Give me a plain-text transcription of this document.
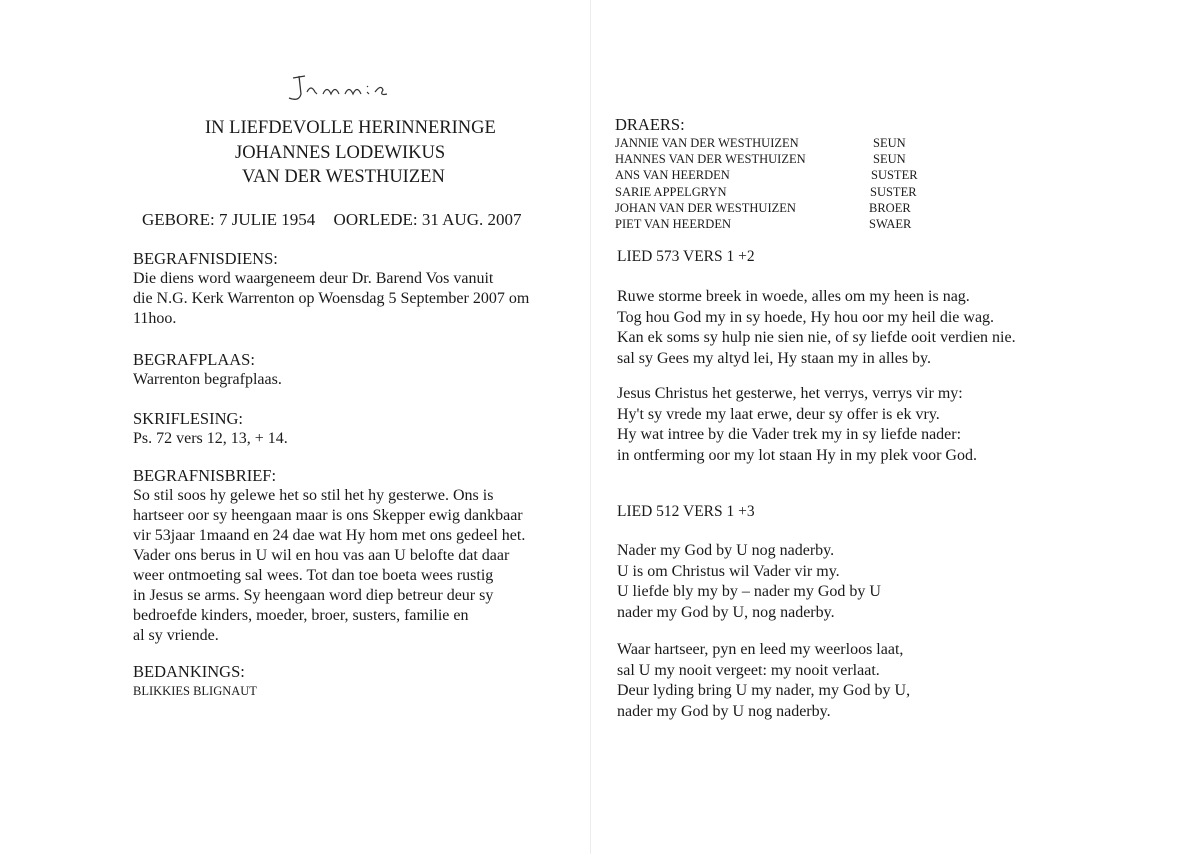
IN LIEFDEVOLLE HERINNERINGE
JOHANNES LODEWIKUS
VAN DER WESTHUIZEN
GEBORE: 7 JULIE 1954 OORLEDE: 31 AUG. 2007
BEGRAFNISDIENS:
Die diens word waargeneem deur Dr. Barend Vos vanuit
die N.G. Kerk Warrenton op Woensdag 5 September 2007 om
11hoo.
BEGRAFPLAAS:
Warrenton begrafplaas.
SKRIFLESING:
Ps. 72 vers 12, 13, + 14.
BEGRAFNISBRIEF:
So stil soos hy gelewe het so stil het hy gesterwe. Ons is
hartseer oor sy heengaan maar is ons Skepper ewig dankbaar
vir 53jaar 1maand en 24 dae wat Hy hom met ons gedeel het.
Vader ons berus in U wil en hou vas aan U belofte dat daar
weer ontmoeting sal wees. Tot dan toe boeta wees rustig
in Jesus se arms. Sy heengaan word diep betreur deur sy
bedroefde kinders, moeder, broer, susters, familie en
al sy vriende.
BEDANKINGS:
BLIKKIES BLIGNAUT
DRAERS:
JANNIE VAN DER WESTHUIZEN	SEUN
HANNES VAN DER WESTHUIZEN	SEUN
ANS VAN HEERDEN	SUSTER
SARIE APPELGRYN	SUSTER
JOHAN VAN DER WESTHUIZEN	BROER
PIET VAN HEERDEN	SWAER
LIED 573 VERS 1 +2
Ruwe storme breek in woede, alles om my heen is nag.
Tog hou God my in sy hoede, Hy hou oor my heil die wag.
Kan ek soms sy hulp nie sien nie, of sy liefde ooit verdien nie.
sal sy Gees my altyd lei, Hy staan my in alles by.
Jesus Christus het gesterwe, het verrys, verrys vir my:
Hy't sy vrede my laat erwe, deur sy offer is ek vry.
Hy wat intree by die Vader trek my in sy liefde nader:
in ontferming oor my lot staan Hy in my plek voor God.
LIED 512 VERS 1 +3
Nader my God by U nog naderby.
U is om Christus wil Vader vir my.
U liefde bly my by – nader my God by U
nader my God by U, nog naderby.
Waar hartseer, pyn en leed my weerloos laat,
sal U my nooit vergeet: my nooit verlaat.
Deur lyding bring U my nader, my God by U,
nader my God by U nog naderby.
